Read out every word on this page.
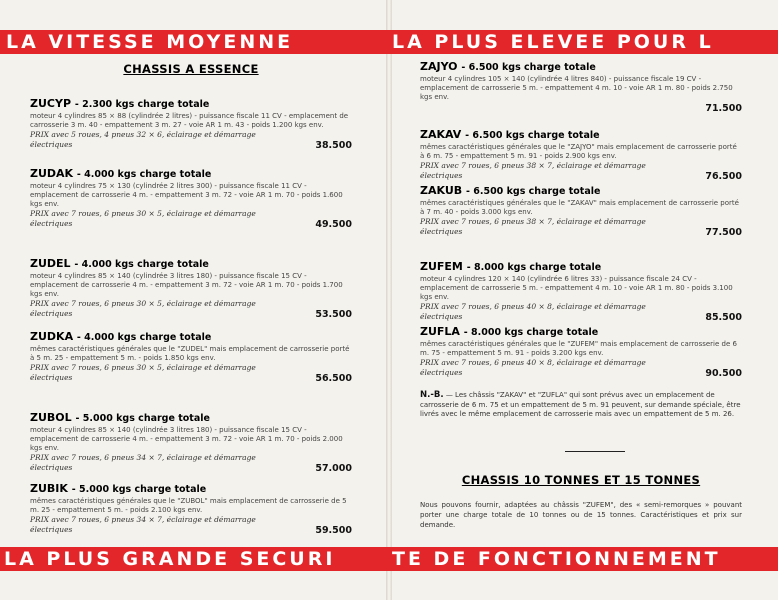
LA VITESSE MOYENNE	LA PLUS ELEVEE POUR L
CHASSIS A ESSENCE
ZUCYP - 2.300 kgs charge totale
moteur 4 cylindres 85 × 88 (cylindrée 2 litres) - puissance fiscale 11 CV - emplacement de carrosserie 3 m. 40 - empattement 3 m. 27 - voie AR 1 m. 43 - poids 1.200 kgs env.
PRIX avec 5 roues, 4 pneus 32 × 6, éclairage et démarrage électriques	38.500
ZUDAK - 4.000 kgs charge totale
moteur 4 cylindres 75 × 130 (cylindrée 2 litres 300) - puissance fiscale 11 CV - emplacement de carrosserie 4 m. - empattement 3 m. 72 - voie AR 1 m. 70 - poids 1.600 kgs env.
PRIX avec 7 roues, 6 pneus 30 × 5, éclairage et démarrage électriques	49.500
ZUDEL - 4.000 kgs charge totale
moteur 4 cylindres 85 × 140 (cylindrée 3 litres 180) - puissance fiscale 15 CV - emplacement de carrosserie 4 m. - empattement 3 m. 72 - voie AR 1 m. 70 - poids 1.700 kgs env.
PRIX avec 7 roues, 6 pneus 30 × 5, éclairage et démarrage électriques	53.500
ZUDKA - 4.000 kgs charge totale
mêmes caractéristiques générales que le "ZUDEL" mais emplacement de carrosserie porté à 5 m. 25 - empattement 5 m. - poids 1.850 kgs env.
PRIX avec 7 roues, 6 pneus 30 × 5, éclairage et démarrage électriques	56.500
ZUBOL - 5.000 kgs charge totale
moteur 4 cylindres 85 × 140 (cylindrée 3 litres 180) - puissance fiscale 15 CV - emplacement de carrosserie 4 m. - empattement 3 m. 72 - voie AR 1 m. 70 - poids 2.000 kgs env.
PRIX avec 7 roues, 6 pneus 34 × 7, éclairage et démarrage électriques	57.000
ZUBIK - 5.000 kgs charge totale
mêmes caractéristiques générales que le "ZUBOL" mais emplacement de carrosserie de 5 m. 25 - empattement 5 m. - poids 2.100 kgs env.
PRIX avec 7 roues, 6 pneus 34 × 7, éclairage et démarrage électriques	59.500
ZAJYO - 6.500 kgs charge totale
moteur 4 cylindres 105 × 140 (cylindrée 4 litres 840) - puissance fiscale 19 CV - emplacement de carrosserie 5 m. - empattement 4 m. 10 - voie AR 1 m. 80 - poids 2.750 kgs env.
71.500
ZAKAV - 6.500 kgs charge totale
mêmes caractéristiques générales que le "ZAJYO" mais emplacement de carrosserie porté à 6 m. 75 - empattement 5 m. 91 - poids 2.900 kgs env.
PRIX avec 7 roues, 6 pneus 38 × 7, éclairage et démarrage électriques	76.500
ZAKUB - 6.500 kgs charge totale
mêmes caractéristiques générales que le "ZAKAV" mais emplacement de carrosserie porté à 7 m. 40 - poids 3.000 kgs env.
PRIX avec 7 roues, 6 pneus 38 × 7, éclairage et démarrage électriques	77.500
ZUFEM - 8.000 kgs charge totale
moteur 4 cylindres 120 × 140 (cylindrée 6 litres 33) - puissance fiscale 24 CV - emplacement de carrosserie 5 m. - empattement 4 m. 10 - voie AR 1 m. 80 - poids 3.100 kgs env.
PRIX avec 7 roues, 6 pneus 40 × 8, éclairage et démarrage électriques	85.500
ZUFLA - 8.000 kgs charge totale
mêmes caractéristiques générales que le "ZUFEM" mais emplacement de carrosserie de 6 m. 75 - empattement 5 m. 91 - poids 3.200 kgs env.
PRIX avec 7 roues, 6 pneus 40 × 8, éclairage et démarrage électriques	90.500
N.-B. — Les châssis "ZAKAV" et "ZUFLA" qui sont prévus avec un emplacement de carrosserie de 6 m. 75 et un empattement de 5 m. 91 peuvent, sur demande spéciale, être livrés avec le même emplacement de carrosserie mais avec un empattement de 5 m. 26.
CHASSIS 10 TONNES ET 15 TONNES
Nous pouvons fournir, adaptées au châssis "ZUFEM", des « semi-remorques » pouvant porter une charge totale de 10 tonnes ou de 15 tonnes. Caractéristiques et prix sur demande.
LA PLUS GRANDE SECURI	TE DE FONCTIONNEMENT
